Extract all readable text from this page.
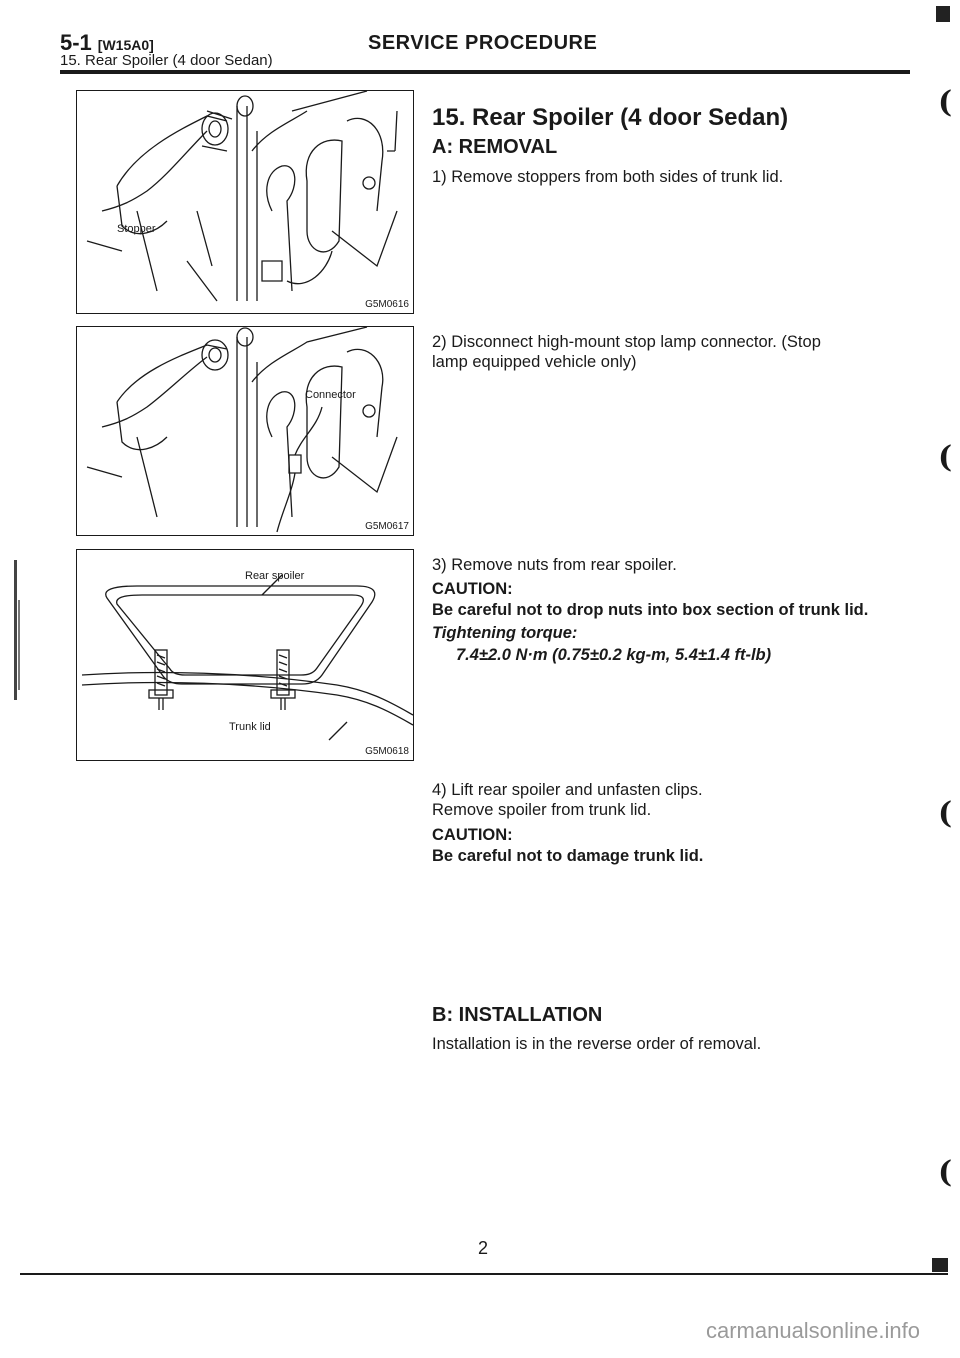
5-1 [W15A0]
15. Rear Spoiler (4 door Sedan)
SERVICE PROCEDURE
Stopper
G5M0616
Connector
G5M0617
Rear spoiler
Trunk lid
G5M0618
15. Rear Spoiler (4 door Sedan)
A: REMOVAL
1) Remove stoppers from both sides of trunk lid.
2) Disconnect high-mount stop lamp connector. (Stop
lamp equipped vehicle only)
3) Remove nuts from rear spoiler.
CAUTION:
Be careful not to drop nuts into box section of trunk lid.
Tightening torque:
7.4±2.0 N·m (0.75±0.2 kg-m, 5.4±1.4 ft-lb)
4) Lift rear spoiler and unfasten clips.
Remove spoiler from trunk lid.
CAUTION:
Be careful not to damage trunk lid.
B: INSTALLATION
Installation is in the reverse order of removal.
(
(
(
(
2
carmanualsonline.info
